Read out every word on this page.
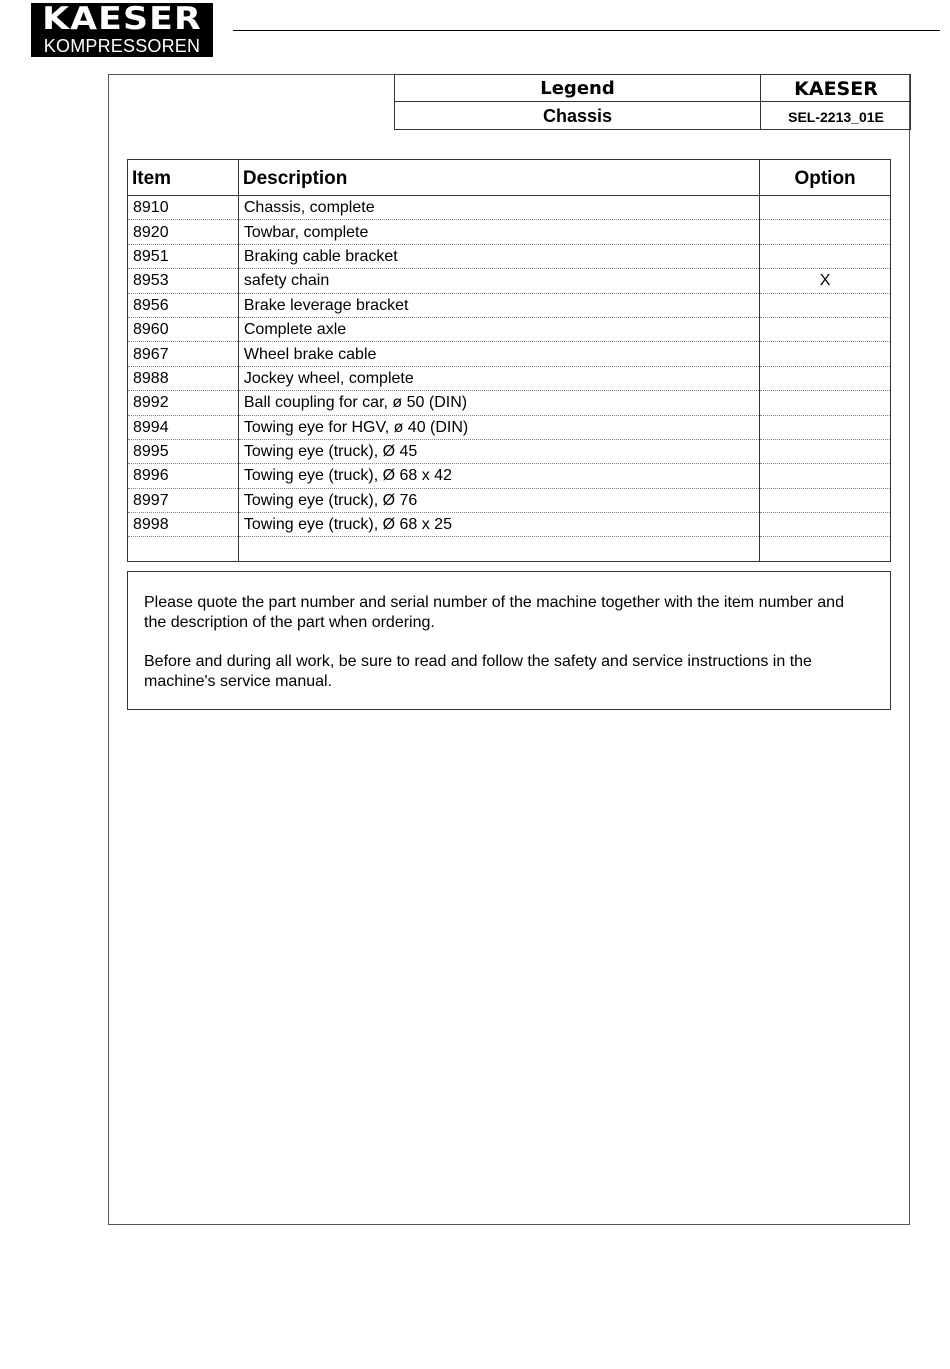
KAESER
KOMPRESSOREN
Legend	KAESER
Chassis	SEL-2213_01E
Item	Description	Option
8910	Chassis, complete	
8920	Towbar, complete	
8951	Braking cable bracket	
8953	safety chain	X
8956	Brake leverage bracket	
8960	Complete axle	
8967	Wheel brake cable	
8988	Jockey wheel, complete	
8992	Ball coupling for car, ø 50 (DIN)	
8994	Towing eye for HGV, ø 40 (DIN)	
8995	Towing eye (truck), Ø 45	
8996	Towing eye (truck), Ø 68 x 42	
8997	Towing eye (truck), Ø 76	
8998	Towing eye (truck), Ø 68 x 25	

Please quote the part number and serial number of the machine together with the item number and the description of the part when ordering.

Before and during all work, be sure to read and follow the safety and service instructions in the machine's service manual.
